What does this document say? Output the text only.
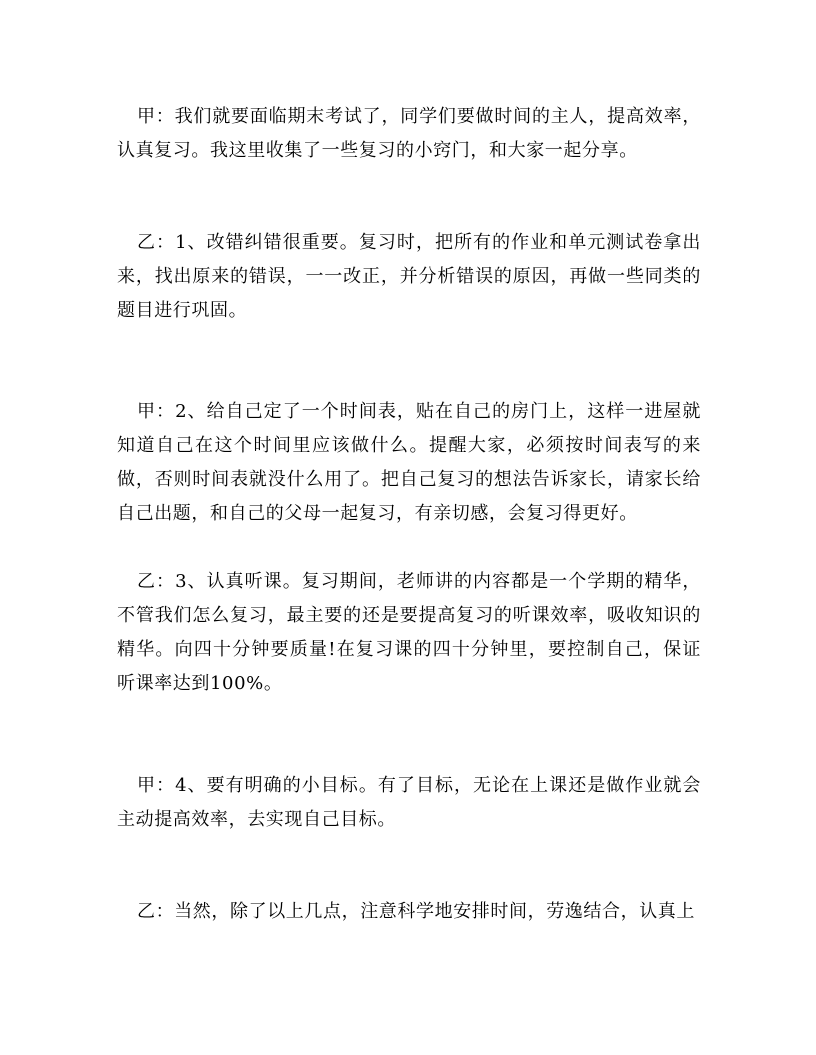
甲：我们就要面临期末考试了，同学们要做时间的主人，提高效率，认真复习。我这里收集了一些复习的小窍门，和大家一起分享。

乙：1、改错纠错很重要。复习时，把所有的作业和单元测试卷拿出来，找出原来的错误，一一改正，并分析错误的原因，再做一些同类的题目进行巩固。

甲：2、给自己定了一个时间表，贴在自己的房门上，这样一进屋就知道自己在这个时间里应该做什么。提醒大家，必须按时间表写的来做，否则时间表就没什么用了。把自己复习的想法告诉家长，请家长给自己出题，和自己的父母一起复习，有亲切感，会复习得更好。

乙：3、认真听课。复习期间，老师讲的内容都是一个学期的精华，不管我们怎么复习，最主要的还是要提高复习的听课效率，吸收知识的精华。向四十分钟要质量!在复习课的四十分钟里，要控制自己，保证听课率达到100%。

甲：4、要有明确的小目标。有了目标，无论在上课还是做作业就会主动提高效率，去实现自己目标。

乙：当然，除了以上几点，注意科学地安排时间，劳逸结合，认真上
